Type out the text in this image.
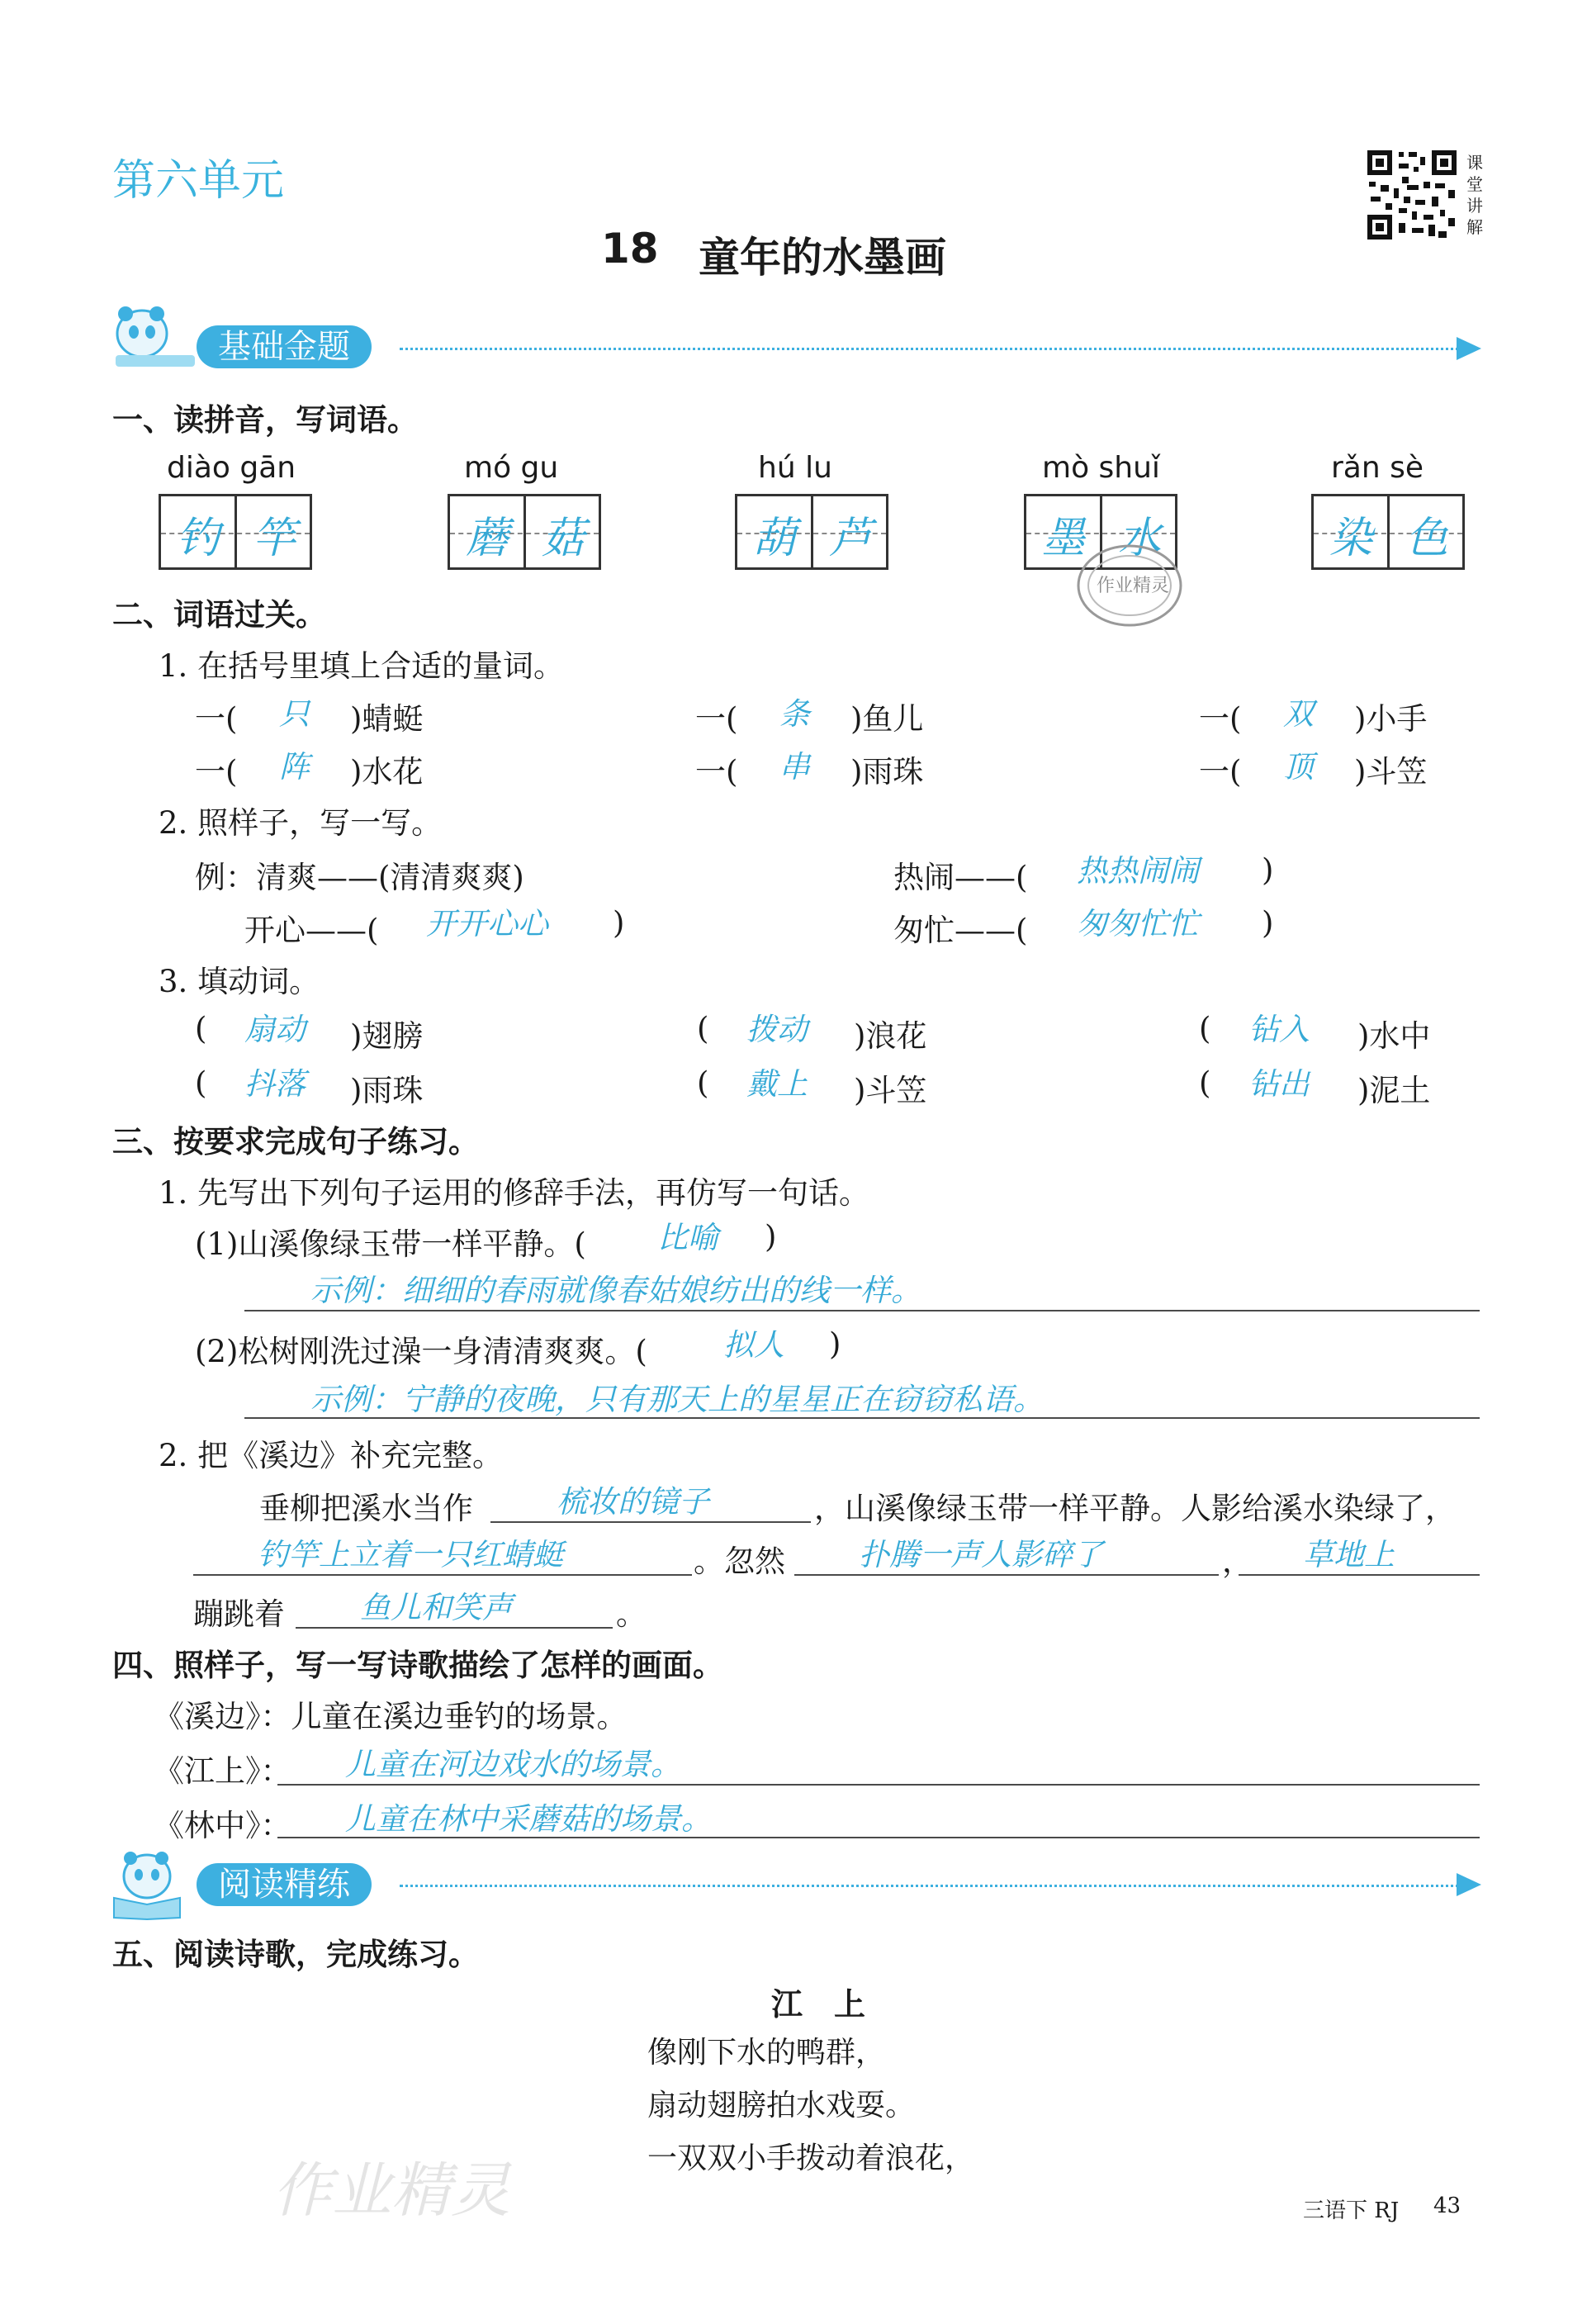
第六单元
18 童年的水墨画
课
堂
讲
解
基础金题
一、读拼音，写词语。
diào gān
钓 竿
mó gu
蘑 菇
hú lu
葫 芦
mò shuǐ
墨 水
rǎn sè
染 色
作业精灵
二、词语过关。
1. 在括号里填上合适的量词。
一( 只 )蜻蜓	一( 条 )鱼儿	一( 双 )小手
一( 阵 )水花	一( 串 )雨珠	一( 顶 )斗笠
2. 照样子，写一写。
例：清爽——(清清爽爽)	热闹——( 热热闹闹 )
开心——( 开开心心 )	匆忙——( 匆匆忙忙 )
3. 填动词。
( 扇动 )翅膀	( 拨动 )浪花	( 钻入 )水中
( 抖落 )雨珠	( 戴上 )斗笠	( 钻出 )泥土
三、按要求完成句子练习。
1. 先写出下列句子运用的修辞手法，再仿写一句话。
(1)山溪像绿玉带一样平静。( 比喻 )
示例：细细的春雨就像春姑娘纺出的线一样。
(2)松树刚洗过澡一身清清爽爽。( 拟人 )
示例：宁静的夜晚，只有那天上的星星正在窃窃私语。
2. 把《溪边》补充完整。
垂柳把溪水当作	梳妆的镜子	，山溪像绿玉带一样平静。人影给溪水染绿了，
钓竿上立着一只红蜻蜓	。忽然 扑腾一声人影碎了	， 草地上
蹦跳着 鱼儿和笑声	。
四、照样子，写一写诗歌描绘了怎样的画面。
《溪边》：儿童在溪边垂钓的场景。
《江上》： 儿童在河边戏水的场景。
《林中》： 儿童在林中采蘑菇的场景。
阅读精练
五、阅读诗歌，完成练习。
江　上
像刚下水的鸭群，
扇动翅膀拍水戏耍。
一双双小手拨动着浪花，
作业精灵	三语下 RJ 43
